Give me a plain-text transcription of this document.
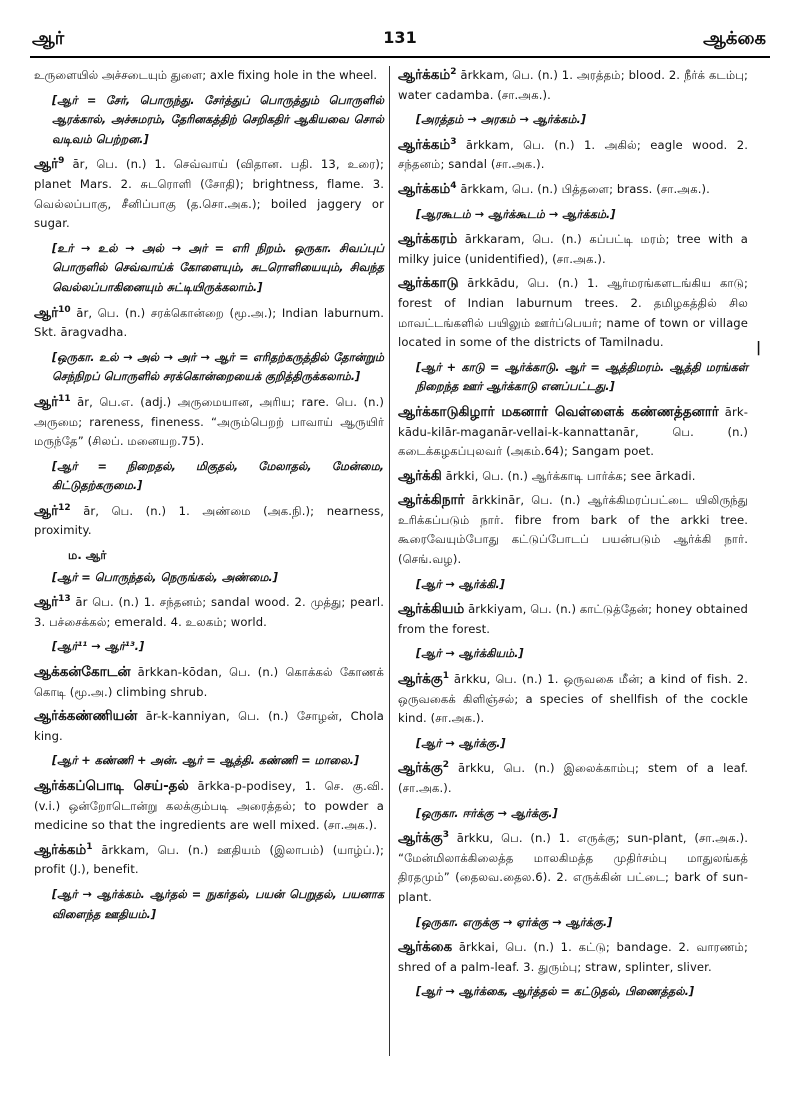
ஆர்	131	ஆக்கை
உருளையில் அச்சடையும் துளை; axle fixing hole in the wheel.
[ஆர் = சேர், பொருந்து. சேர்த்துப் பொருத்தும் பொருளில் ஆரக்கால், அச்சுமரம், தேரினகத்திற் செறிகதிர் ஆகியவை சொல் வடிவம் பெற்றன.]
ஆர்$^9$ ār, பெ. (n.) 1. செவ்வாய் (விதான. பதி. 13, உரை); planet Mars. 2. சுடரொளி (சோதி); brightness, flame. 3. வெல்லப்பாகு, சீனிப்பாகு (த.சொ.அக.); boiled jaggery or sugar.
[உர் → உல் → அல் → அர் = எரி நிறம். ஒருகா. சிவப்புப் பொருளில் செவ்வாய்க் கோளையும், சுடரொளியையும், சிவந்த வெல்லப்பாகினையும் சுட்டியிருக்கலாம்.]
ஆர்$^{10}$ ār, பெ. (n.) சரக்கொன்றை (மூ.அ.); Indian laburnum. Skt. āragvadha.
[ஒருகா. உல் → அல் → அர் → ஆர் = எரிதற்கருத்தில் தோன்றும் செந்நிறப் பொருளில் சரக்கொன்றையைக் குறித்திருக்கலாம்.]
ஆர்$^{11}$ ār, பெ.எ. (adj.) அருமையான, அரிய; rare. பெ. (n.) அருமை; rareness, fineness. “அரும்பெறற் பாவாய் ஆருயிர் மருந்தே” (சிலப். மனையற.75).
[ஆர் = நிறைதல், மிகுதல், மேலாதல், மேன்மை, கிட்டுதற்கருமை.]
ஆர்$^{12}$ ār, பெ. (n.) 1. அண்மை (அக.நி.); nearness, proximity.
ம. ஆர்
[ஆர் = பொருந்தல், நெருங்கல், அண்மை.]
ஆர்$^{13}$ ār பெ. (n.) 1. சந்தனம்; sandal wood. 2. முத்து; pearl. 3. பச்சைக்கல்; emerald. 4. உலகம்; world.
[ஆர்¹¹ → ஆர்¹³.]
ஆக்கன்கோடன் ārkkan-kōdan, பெ. (n.) கொக்கல் கோணக் கொடி (மூ.அ.) climbing shrub.
ஆர்க்கண்ணியன் ār-k-kanniyan, பெ. (n.) சோழன், Chola king.
[ஆர் + கண்ணி + அன். ஆர் = ஆத்தி. கண்ணி = மாலை.]
ஆர்க்கப்பொடி செய்-தல் ārkka-p-podisey, 1. செ. கு.வி. (v.i.) ஒன்றோடொன்று கலக்கும்படி அரைத்தல்; to powder a medicine so that the ingredients are well mixed. (சா.அக.).
ஆர்க்கம்$^1$ ārkkam, பெ. (n.) ஊதியம் (இலாபம்) (யாழ்ப்.); profit (J.), benefit.
[ஆர் → ஆர்க்கம். ஆர்தல் = நுகர்தல், பயன் பெறுதல், பயனாக விளைந்த ஊதியம்.]
ஆர்க்கம்$^2$ ārkkam, பெ. (n.) 1. அரத்தம்; blood. 2. நீர்க் கடம்பு; water cadamba. (சா.அக.).
[அரத்தம் → அரகம் → ஆர்க்கம்.]
ஆர்க்கம்$^3$ ārkkam, பெ. (n.) 1. அகில்; eagle wood. 2. சந்தனம்; sandal (சா.அக.).
ஆர்க்கம்$^4$ ārkkam, பெ. (n.) பித்தளை; brass. (சா.அக.).
[ஆரகூடம் → ஆர்க்கூடம் → ஆர்க்கம்.]
ஆர்க்கரம் ārkkaram, பெ. (n.) கப்பட்டி மரம்; tree with a milky juice (unidentified), (சா.அக.).
ஆர்க்காடு ārkkādu, பெ. (n.) 1. ஆர்மரங்களடங்கிய காடு; forest of Indian laburnum trees. 2. தமிழகத்தில் சில மாவட்டங்களில் பயிலும் ஊர்ப்பெயர்; name of town or village located in some of the districts of Tamilnadu.
[ஆர் + காடு = ஆர்க்காடு. ஆர் = ஆத்திமரம். ஆத்தி மரங்கள் நிறைந்த ஊர் ஆர்க்காடு எனப்பட்டது.]
ஆர்க்காடுகிழார் மகனார் வெள்ளைக் கண்ணத்தனார் ārk-kādu-kilār-maganār-vellai-k-kannattanār, பெ. (n.) கடைக்கழகப்புலவர் (அகம்.64); Sangam poet.
ஆர்க்கி ārkki, பெ. (n.) ஆர்க்காடி பார்க்க; see ārkadi.
ஆர்க்கிநார் ārkkinār, பெ. (n.) ஆர்க்கிமரப்பட்டை யிலிருந்து உரிக்கப்படும் நார். fibre from bark of the arkki tree. கூரைவேயும்போது கட்டுப்போடப் பயன்படும் ஆர்க்கி நார். (செங்.வழ).
[ஆர் → ஆர்க்கி.]
ஆர்க்கியம் ārkkiyam, பெ. (n.) காட்டுத்தேன்; honey obtained from the forest.
[ஆர் → ஆர்க்கியம்.]
ஆர்க்கு$^1$ ārkku, பெ. (n.) 1. ஒருவகை மீன்; a kind of fish. 2. ஒருவகைக் கிளிஞ்சல்; a species of shellfish of the cockle kind. (சா.அக.).
[ஆர் → ஆர்க்கு.]
ஆர்க்கு$^2$ ārkku, பெ. (n.) இலைக்காம்பு; stem of a leaf. (சா.அக.).
[ஒருகா. ஈர்க்கு → ஆர்க்கு.]
ஆர்க்கு$^3$ ārkku, பெ. (n.) 1. எருக்கு; sun-plant, (சா.அக.). “மேன்மிலாக்கிலைத்த மாலகிமத்த முதிர்சம்பு மாதுலங்கத் திரதமும்” (தைலவ.தைல.6). 2. எருக்கின் பட்டை; bark of sun-plant.
[ஒருகா. எருக்கு → ஏர்க்கு → ஆர்க்கு.]
ஆர்க்கை ārkkai, பெ. (n.) 1. கட்டு; bandage. 2. வாரணம்; shred of a palm-leaf. 3. துரும்பு; straw, splinter, sliver.
[ஆர் → ஆர்க்கை, ஆர்த்தல் = கட்டுதல், பிணைத்தல்.]
|
